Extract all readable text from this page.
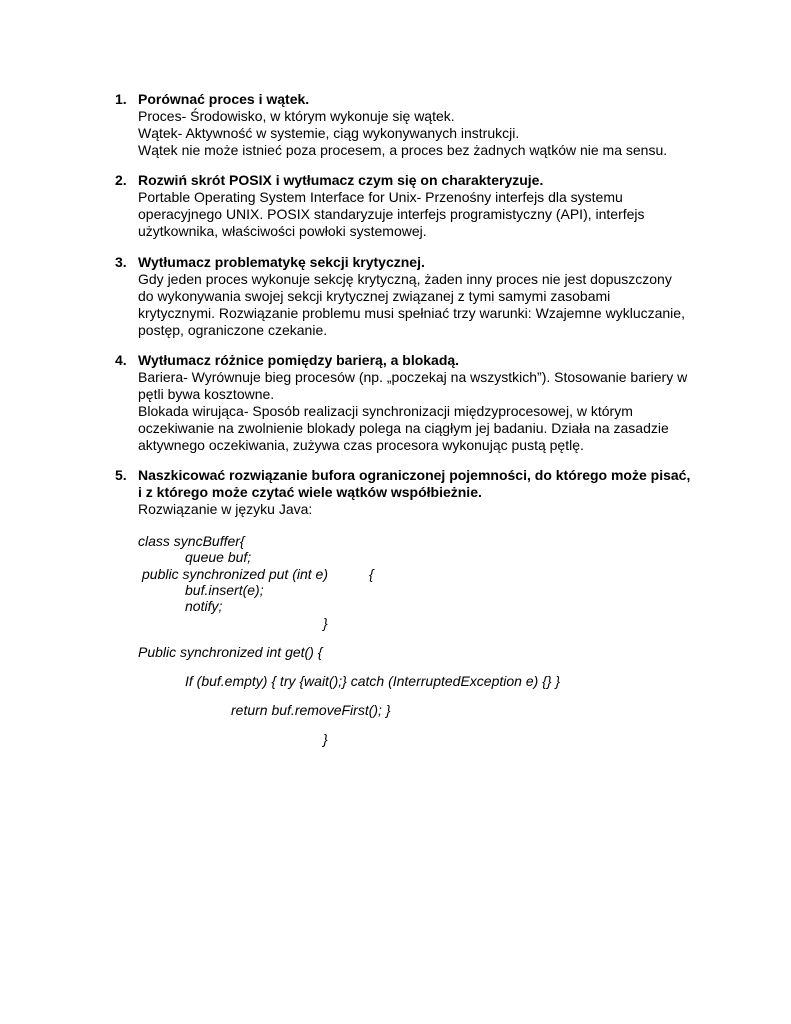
1. Porównać proces i wątek.
Proces- Środowisko, w którym wykonuje się wątek.
Wątek- Aktywność w systemie, ciąg wykonywanych instrukcji.
Wątek nie może istnieć poza procesem, a proces bez żadnych wątków nie ma sensu.
2. Rozwiń skrót POSIX i wytłumacz czym się on charakteryzuje.
Portable Operating System Interface for Unix- Przenośny interfejs dla systemu
operacyjnego UNIX. POSIX standaryzuje interfejs programistyczny (API), interfejs
użytkownika, właściwości powłoki systemowej.
3. Wytłumacz problematykę sekcji krytycznej.
Gdy jeden proces wykonuje sekcję krytyczną, żaden inny proces nie jest dopuszczony
do wykonywania swojej sekcji krytycznej związanej z tymi samymi zasobami
krytycznymi. Rozwiązanie problemu musi spełniać trzy warunki: Wzajemne wykluczanie,
postęp, ograniczone czekanie.
4. Wytłumacz różnice pomiędzy barierą, a blokadą.
Bariera- Wyrównuje bieg procesów (np. „poczekaj na wszystkich”). Stosowanie bariery w
pętli bywa kosztowne.
Blokada wirująca- Sposób realizacji synchronizacji międzyprocesowej, w którym
oczekiwanie na zwolnienie blokady polega na ciągłym jej badaniu. Działa na zasadzie
aktywnego oczekiwania, zużywa czas procesora wykonując pustą pętlę.
5. Naszkicować rozwiązanie bufora ograniczonej pojemności, do którego może pisać,
i z którego może czytać wiele wątków współbieżnie.
Rozwiązanie w języku Java:
class syncBuffer{
queue buf;
public synchronized put (int e)	{
buf.insert(e);
notify;
}
Public synchronized int get() {
If (buf.empty) { try {wait();} catch (InterruptedException e) {} }
return buf.removeFirst(); }
}
